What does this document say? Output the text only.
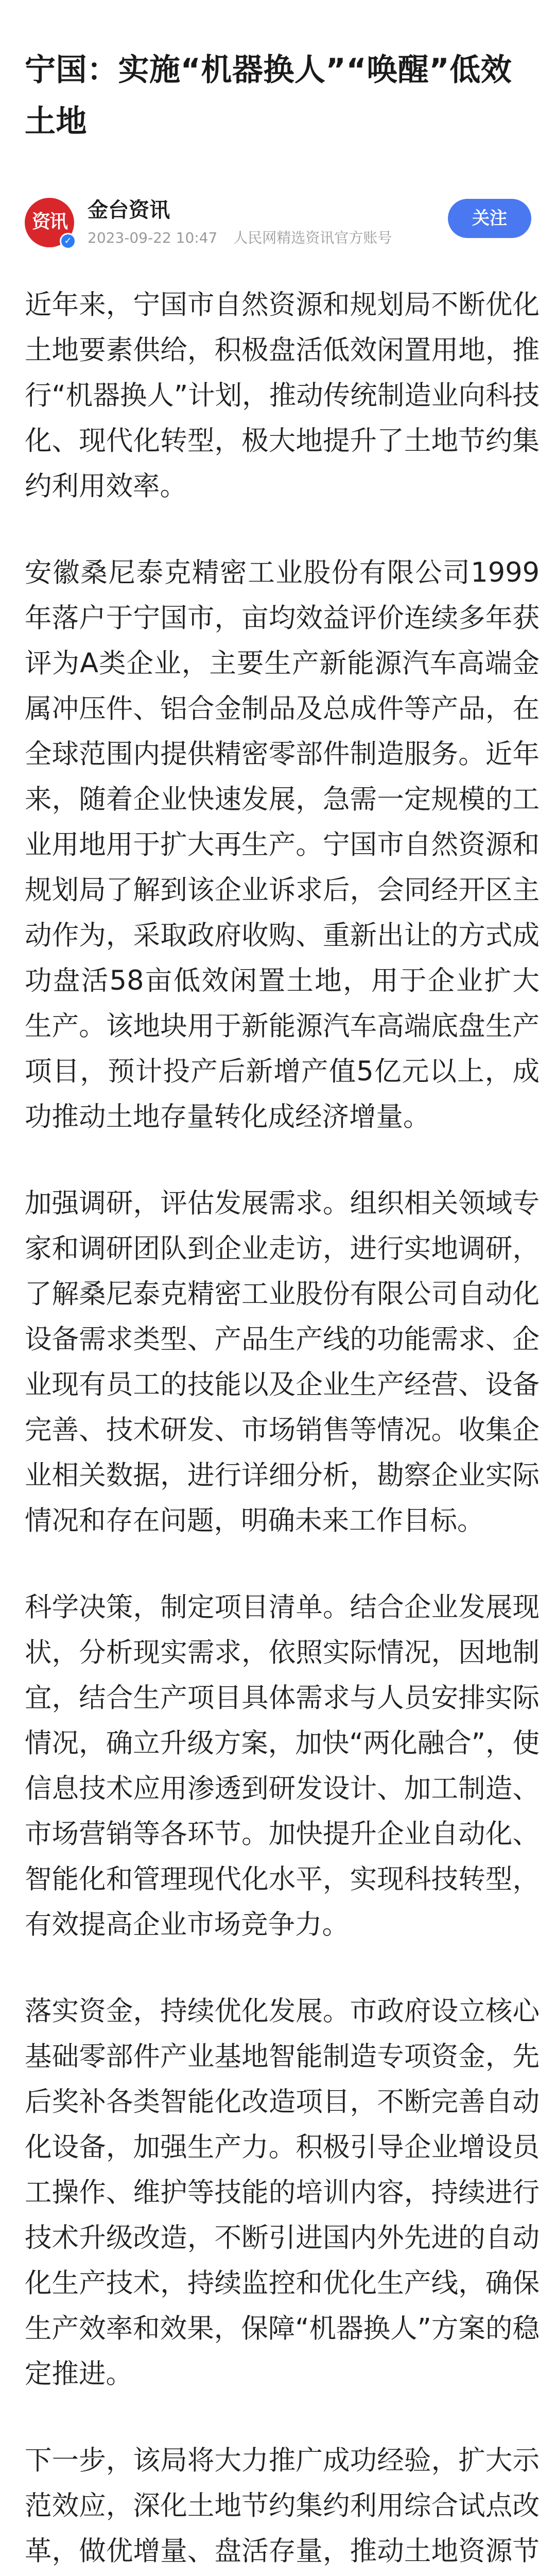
宁国：实施“机器换人”“唤醒”低效土地
资讯
✓
金台资讯
2023-09-22 10:47 人民网精选资讯官方账号
关注

近年来，宁国市自然资源和规划局不断优化土地要素供给，积极盘活低效闲置用地，推行“机器换人”计划，推动传统制造业向科技化、现代化转型，极大地提升了土地节约集约利用效率。

安徽桑尼泰克精密工业股份有限公司1999年落户于宁国市，亩均效益评价连续多年获评为A类企业，主要生产新能源汽车高端金属冲压件、铝合金制品及总成件等产品，在全球范围内提供精密零部件制造服务。近年来，随着企业快速发展，急需一定规模的工业用地用于扩大再生产。宁国市自然资源和规划局了解到该企业诉求后，会同经开区主动作为，采取政府收购、重新出让的方式成功盘活58亩低效闲置土地，用于企业扩大生产。该地块用于新能源汽车高端底盘生产项目，预计投产后新增产值5亿元以上，成功推动土地存量转化成经济增量。

加强调研，评估发展需求。组织相关领域专家和调研团队到企业走访，进行实地调研，了解桑尼泰克精密工业股份有限公司自动化设备需求类型、产品生产线的功能需求、企业现有员工的技能以及企业生产经营、设备完善、技术研发、市场销售等情况。收集企业相关数据，进行详细分析，勘察企业实际情况和存在问题，明确未来工作目标。

科学决策，制定项目清单。结合企业发展现状，分析现实需求，依照实际情况，因地制宜，结合生产项目具体需求与人员安排实际情况，确立升级方案，加快“两化融合”，使信息技术应用渗透到研发设计、加工制造、市场营销等各环节。加快提升企业自动化、智能化和管理现代化水平，实现科技转型，有效提高企业市场竞争力。

落实资金，持续优化发展。市政府设立核心基础零部件产业基地智能制造专项资金，先后奖补各类智能化改造项目，不断完善自动化设备，加强生产力。积极引导企业增设员工操作、维护等技能的培训内容，持续进行技术升级改造，不断引进国内外先进的自动化生产技术，持续监控和优化生产线，确保生产效率和效果，保障“机器换人”方案的稳定推进。

下一步，该局将大力推广成功经验，扩大示范效应，深化土地节约集约利用综合试点改革，做优增量、盘活存量，推动土地资源节
